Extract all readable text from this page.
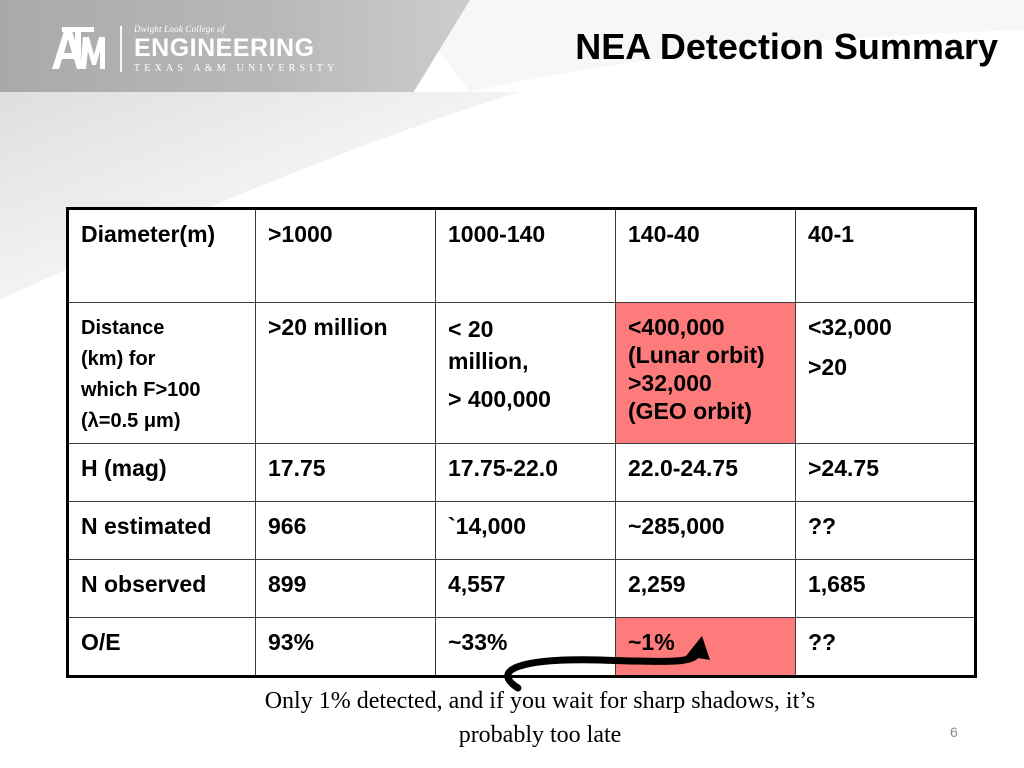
Dwight Look College of
ENGINEERING
TEXAS A&M UNIVERSITY
NEA Detection Summary
Diameter(m)	>1000	1000-140	140-40	40-1

Distance
(km) for
which F>100
(λ=0.5 μm)	>20 million	< 20
million,
> 400,000	<400,000
(Lunar orbit)
>32,000
(GEO orbit)	<32,000
>20

H (mag)	17.75	17.75-22.0	22.0-24.75	>24.75
N estimated	966	`14,000	~285,000	??
N observed	899	4,557	2,259	1,685
O/E	93%	~33%	~1%	??
Only 1% detected, and if you wait for sharp shadows, it’s
probably too late	6
